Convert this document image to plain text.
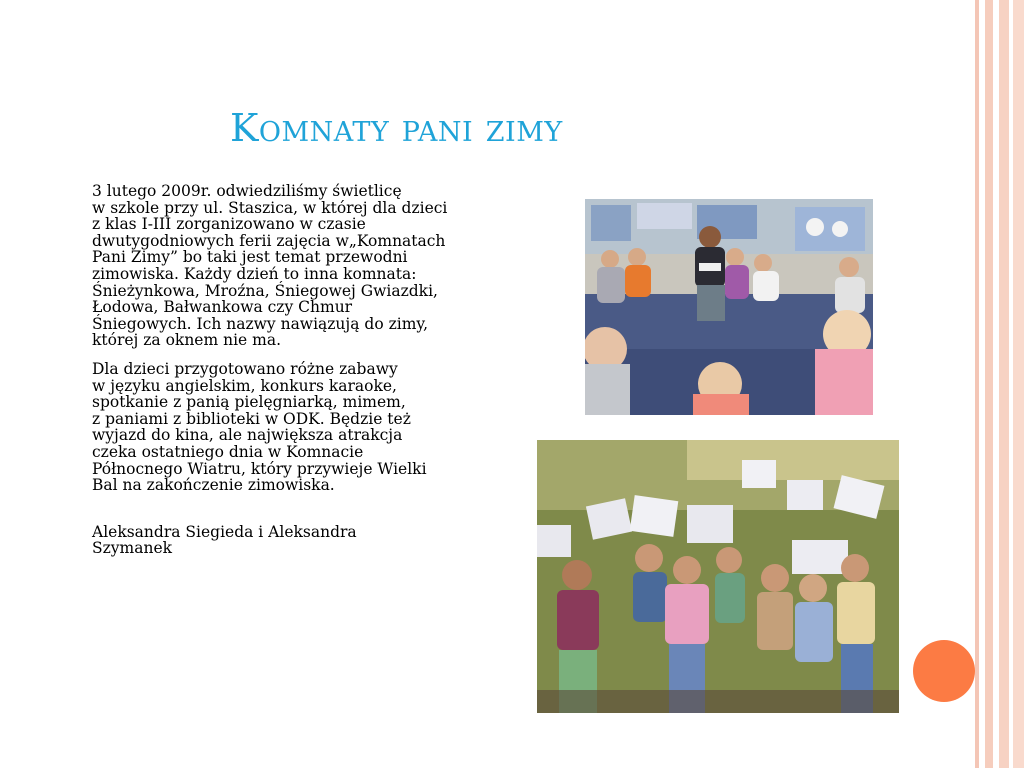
Komnaty pani zimy

3 lutego 2009r. odwiedziliśmy świetlicę
w szkole przy ul. Staszica, w której dla dzieci
z klas I-III zorganizowano w czasie
dwutygodniowych ferii zajęcia w„Komnatach
Pani Zimy” bo taki jest temat przewodni
zimowiska. Każdy dzień to inna komnata:
Śnieżynkowa, Mroźna, Śniegowej Gwiazdki,
Łodowa, Bałwankowa czy Chmur
Śniegowych. Ich nazwy nawiązują do zimy,
której za oknem nie ma.

Dla dzieci przygotowano różne zabawy
w języku angielskim, konkurs karaoke,
spotkanie z panią pielęgniarką, mimem,
z paniami z biblioteki w ODK. Będzie też
wyjazd do kina, ale największa atrakcja
czeka ostatniego dnia w Komnacie
Północnego Wiatru, który przywieje Wielki
Bal na zakończenie zimowiska.

Aleksandra Siegieda i Aleksandra
Szymanek
